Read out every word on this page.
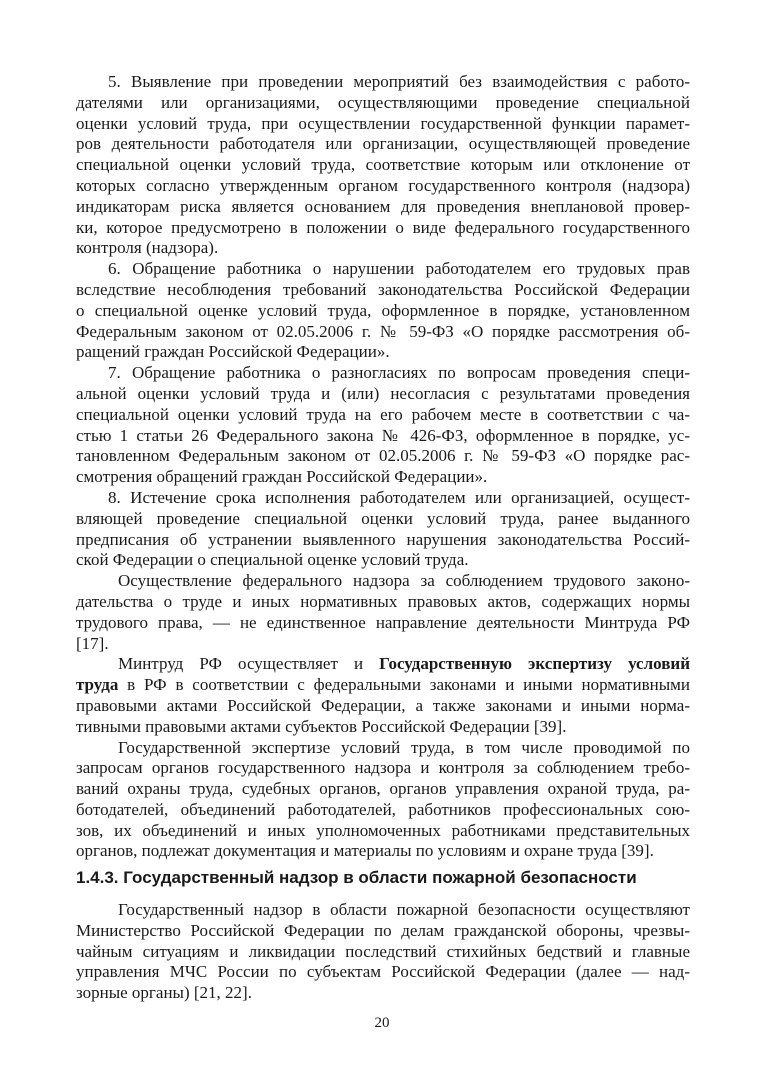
5. Выявление при проведении мероприятий без взаимодействия с работо-
дателями или организациями, осуществляющими проведение специальной
оценки условий труда, при осуществлении государственной функции парамет-
ров деятельности работодателя или организации, осуществляющей проведение
специальной оценки условий труда, соответствие которым или отклонение от
которых согласно утвержденным органом государственного контроля (надзора)
индикаторам риска является основанием для проведения внеплановой провер-
ки, которое предусмотрено в положении о виде федерального государственного
контроля (надзора).
6. Обращение работника о нарушении работодателем его трудовых прав
вследствие несоблюдения требований законодательства Российской Федерации
о специальной оценке условий труда, оформленное в порядке, установленном
Федеральным законом от 02.05.2006 г. № 59-ФЗ «О порядке рассмотрения об-
ращений граждан Российской Федерации».
7. Обращение работника о разногласиях по вопросам проведения специ-
альной оценки условий труда и (или) несогласия с результатами проведения
специальной оценки условий труда на его рабочем месте в соответствии с ча-
стью 1 статьи 26 Федерального закона № 426-ФЗ, оформленное в порядке, ус-
тановленном Федеральным законом от 02.05.2006 г. № 59-ФЗ «О порядке рас-
смотрения обращений граждан Российской Федерации».
8. Истечение срока исполнения работодателем или организацией, осущест-
вляющей проведение специальной оценки условий труда, ранее выданного
предписания об устранении выявленного нарушения законодательства Россий-
ской Федерации о специальной оценке условий труда.
Осуществление федерального надзора за соблюдением трудового законо-
дательства о труде и иных нормативных правовых актов, содержащих нормы
трудового права, — не единственное направление деятельности Минтруда РФ
[17].
Минтруд РФ осуществляет и Государственную экспертизу условий
труда в РФ в соответствии с федеральными законами и иными нормативными
правовыми актами Российской Федерации, а также законами и иными норма-
тивными правовыми актами субъектов Российской Федерации [39].
Государственной экспертизе условий труда, в том числе проводимой по
запросам органов государственного надзора и контроля за соблюдением требо-
ваний охраны труда, судебных органов, органов управления охраной труда, ра-
ботодателей, объединений работодателей, работников профессиональных сою-
зов, их объединений и иных уполномоченных работниками представительных
органов, подлежат документация и материалы по условиям и охране труда [39].
1.4.3. Государственный надзор в области пожарной безопасности
Государственный надзор в области пожарной безопасности осуществляют
Министерство Российской Федерации по делам гражданской обороны, чрезвы-
чайным ситуациям и ликвидации последствий стихийных бедствий и главные
управления МЧС России по субъектам Российской Федерации (далее — над-
зорные органы) [21, 22].
20
